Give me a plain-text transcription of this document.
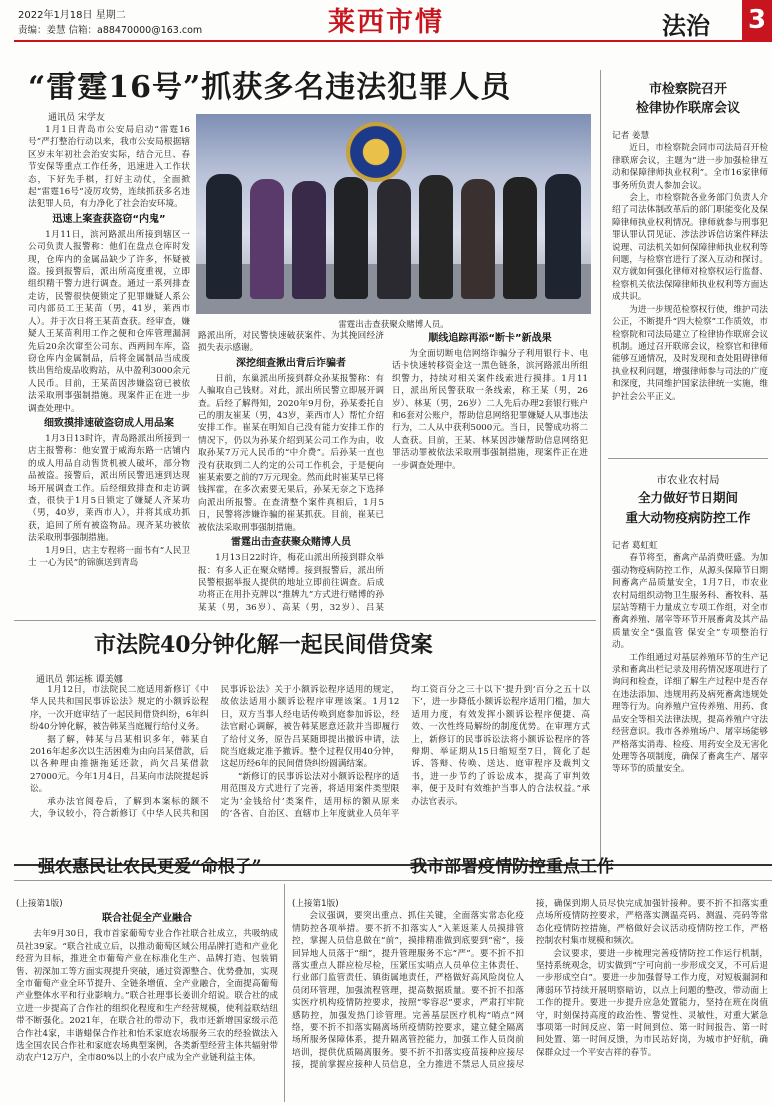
2022年1月18日 星期二
责编：姜慧 信箱：a88470000@163.com	莱西市情	法治 3
“雷霆16号”抓获多名违法犯罪人员
通讯员 宋学友
雷霆出击查获聚众赌博人员。

1月1日青岛市公安局启动“雷霆16号”严打整治行动以来，我市公安局根据辖区岁末年初社会治安实际，结合元旦、春节安保等重点工作任务，迅速进入工作状态，下好先手棋，打好主动仗，全面掀起“雷霆16号”凌厉攻势，连续抓获多名违法犯罪人员，有力净化了社会治安环境。

迅速上案查获盗窃“内鬼”

1月11日，滨河路派出所接到辖区一公司负责人报警称：他们在盘点仓库时发现，仓库内的金属品缺少了许多，怀疑被盗。接到报警后，派出所高度重视，立即组织精干警力进行调查。通过一系列排查走访，民警很快便锁定了犯罪嫌疑人系公司内部员工王某苗（男，41岁，莱西市人）。并于次日将王某苗查获。经审查，嫌疑人王某苗利用工作之便和仓库管理漏洞先后20余次窜至公司东、西两间车库，盗窃仓库内金属制品，后将金属制品当成废铁出售给废品收购站，从中盈利3000余元人民币。目前，王某苗因涉嫌盗窃已被依法采取刑事强制措施。现案件正在进一步调查处理中。

细致摸排速破盗窃成人用品案

1月3日13时许，青岛路派出所接到一店主报警称：他安置于威海东路一店铺内的成人用品自动售货机被人破坏，部分物品被盗。接警后，派出所民警迅速到达现场开展调查工作。后经细致排查和走访调查，很快于1月5日锁定了嫌疑人齐某功（男，40岁，莱西市人），并将其成功抓获，追回了所有被盗物品。现齐某功被依法采取刑事强制措施。

1月9日，店主专程将一面书有“人民卫士 一心为民”的锦旗送到青岛

路派出所，对民警快速破获案件、为其挽回经济损失表示感谢。

深挖细查揪出背后诈骗者

日前，东巢派出所接到群众孙某报警称：有人骗取自己钱财。对此，派出所民警立即展开调查。后经了解得知，2020年9月份，孙某委托自己的朋友崔某（男，43岁，莱西市人）帮忙介绍安排工作。崔某在明知自己没有能力安排工作的情况下，仍以为孙某介绍到某公司工作为由，收取孙某7万元人民币的“中介费”。后孙某一直也没有获取到二人约定的公司工作机会，于是便向崔某索要之前的7万元现金。然而此时崔某早已将钱挥霍，在多次索要无果后，孙某无奈之下选择向派出所报警。在查清整个案件真相后，1月5日，民警将涉嫌诈骗的崔某抓获。目前，崔某已被依法采取刑事强制措施。

雷霆出击查获聚众赌博人员

1月13日22时许，梅花山派出所接到群众举报：有多人正在聚众赌博。接到报警后，派出所民警根据举报人提供的地址立即前往调查。后成功将正在用扑克牌以“推牌九”方式进行赌博的孙某某（男，36岁）、高某（男，32岁）、吕某

顺线追踪再添“断卡”新战果

为全面切断电信网络诈骗分子利用银行卡、电话卡快速转移资金这一黑色链条，滨河路派出所组织警力，持续对相关案件线索进行摸排。1月11日，派出所民警获取一条线索，称王某（男，26岁）、林某（男，26岁）二人先后办理2套银行账户和6套对公账户，帮助信息网络犯罪嫌疑人从事违法行为，二人从中获利5000元。当日，民警成功将二人查获。目前，王某、林某因涉嫌帮助信息网络犯罪活动罪被依法采取刑事强制措施，现案件正在进一步调查处理中。

市检察院召开
检律协作联席会议

记者 姜慧

近日，市检察院会同市司法局召开检律联席会议，主题为“进一步加强检律互动和保障律师执业权利”。全市16家律师事务所负责人参加会议。

会上，市检察院各业务部门负责人介绍了司法体制改革后的部门职能变化及保障律师执业权利情况。律师就参与刑事犯罪认罪认罚见证、涉法涉诉信访案件释法说理、司法机关如何保障律师执业权利等问题，与检察官进行了深入互动和探讨。双方就如何强化律师对检察权运行监督、检察机关依法保障律师执业权利等方面达成共识。

为进一步规范检察权行使，维护司法公正，不断提升“四大检察”工作质效，市检察院和司法局建立了检律协作联席会议机制。通过召开联席会议，检察官和律师能够互通情况，及时发现和查处阻碍律师执业权利问题，增强律师参与司法的广度和深度，共同维护国家法律统一实施，维护社会公平正义。

市农业农村局
全力做好节日期间
重大动物疫病防控工作

记者 葛虹虹

春节将至，畜禽产品消费旺盛。为加强动物疫病防控工作，从源头保障节日期间畜禽产品质量安全，1月7日，市农业农村局组织动物卫生服务科、畜牧科、基层站等精干力量成立专项工作组，对全市畜禽养殖、屠宰等环节开展畜禽及其产品质量安全“强监管 保安全”专项整治行动。

工作组通过对基层养殖环节的生产记录和畜禽出栏记录及用药情况逐项进行了询问和检查，详细了解生产过程中是否存在违法添加、违规用药及病死畜禽违规处理等行为。向养殖户宣传养殖、用药、食品安全等相关法律法规，提高养殖户守法经营意识。我市各养殖场户、屠宰场能够严格落实消毒、检疫、用药安全及无害化处理等各项制度，确保了畜禽生产、屠宰等环节的质量安全。

市法院40分钟化解一起民间借贷案
通讯员 郭运栋 谭美娜

1月12日，市法院民二庭适用新修订《中华人民共和国民事诉讼法》规定的小额诉讼程序，一次开庭审结了一起民间借贷纠纷，6年纠纷40分钟化解，被告韩某当庭履行给付义务。

据了解，韩某与吕某相识多年，韩某自2016年起多次以生活困难为由向吕某借款，后以各种理由推搪拖延还款，尚欠吕某借款27000元。今年1月4日，吕某向市法院提起诉讼。

承办法官阅卷后，了解到本案标的额不大，争议较小，符合新修订《中华人民共和国民事诉讼法》关于小额诉讼程序适用的规定，故依法适用小额诉讼程序审理该案。1月12日，双方当事人经电话传唤到庭参加诉讼，经法官耐心调解，被告韩某愿意还款并当即履行了给付义务，原告吕某随即提出撤诉申请，法院当庭裁定准予撤诉。整个过程仅用40分钟，这起历经6年的民间借贷纠纷圆满结案。

“新修订的民事诉讼法对小额诉讼程序的适用范围及方式进行了完善，将适用案件类型限定为‘金钱给付’类案件，适用标的额从原来的‘各省、自治区、直辖市上年度就业人员年平均工资百分之三十以下’提升到‘百分之五十以下’，进一步降低小额诉讼程序适用门槛，加大适用力度，有效发挥小额诉讼程序便捷、高效、一次性终局解纷的制度优势。在审理方式上，新修订的民事诉讼法将小额诉讼程序的答辩期、举证期从15日缩短至7日，简化了起诉、答辩、传唤、送达、庭审程序及裁判文书，进一步节约了诉讼成本，提高了审判效率，便于及时有效维护当事人的合法权益。”承办法官表示。

强农惠民让农民更爱“命根子”	我市部署疫情防控重点工作

(上接第1版)

联合社促全产业融合

去年9月30日，我市首家葡萄专业合作社联合社成立，共吸纳成员社39家。“联合社成立后，以推动葡萄区域公用品牌打造和产业化经营为目标，推进全市葡萄产业在标准化生产、品牌打造、包装销售、初深加工等方面实现提升突破，通过资源整合、优势叠加，实现全市葡萄产业全环节提升、全链条增值、全产业融合，全面提高葡萄产业整体水平和行业影响力。”联合社理事长姜训介绍说。联合社的成立进一步提高了合作社的组织化程度和生产经营规模，使利益联结纽带不断强化。2021年，在联合社的带动下，我市还新增国家级示范合作社4家，丰谐蜡保合作社和怡禾家庭农场服务三农的经验做法入选全国农民合作社和家庭农场典型案例，各类新型经营主体共辐射带动农户12万户，全市80%以上的小农户成为全产业链利益主体。

(上接第1版)

会议强调，要突出重点、抓住关键，全面落实常态化疫情防控各项举措。要不折不扣落实人“入莱返莱人员摸排管控，掌握人员信息做在“前”，摸排精准做到底要到“密”，接回异地人员落于“细”，提升管理服务不忘“严”。要不折不扣落实重点人群应检尽检，压紧压实哨点人员单位主体责任、行业部门监管责任、镇街属地责任，严格做好高风险岗位人员闭环管理，加强流程管理，提高数据质量。要不折不扣落实医疗机构疫情防控要求，按照“零容忍”要求，严肃打牢院感防控，加强发热门诊管理。完善基层医疗机构“哨点”网络，要不折不扣落实隔离场所疫情防控要求，建立健全隔离场所服务保障体系，提升隔离管控能力，加强工作人员岗前培训，提供优质隔离服务。要不折不扣落实疫苗接种应接尽接，提前掌握应接种人员信息，全力推进不禁忌人员应接尽接，确保到期人员尽快完成加强针接种。要不折不扣落实重点场所疫情防控要求，严格落实测温亮码、测温、亮码等常态化疫情防控措施，严格做好会议活动疫情防控工作，严格控制农村集市规模和频次。

会议要求，要进一步梳理完善疫情防控工作运行机制，坚持系统观念，切实做到“宁可向前一步形成交叉，不可后退一步形成空白”。要进一步加强督导工作力度，对短板漏洞和薄弱环节持续开展明察暗访，以点上问题的整改，带动面上工作的提升。要进一步提升应急处置能力，坚持在班在岗值守，时刻保持高度的政治性、警觉性、灵敏性，对重大紧急事项第一时间反应、第一时间到位、第一时间报告、第一时间处置、第一时间反馈，为市民站好岗，为城市护好航，确保群众过一个平安吉祥的春节。
